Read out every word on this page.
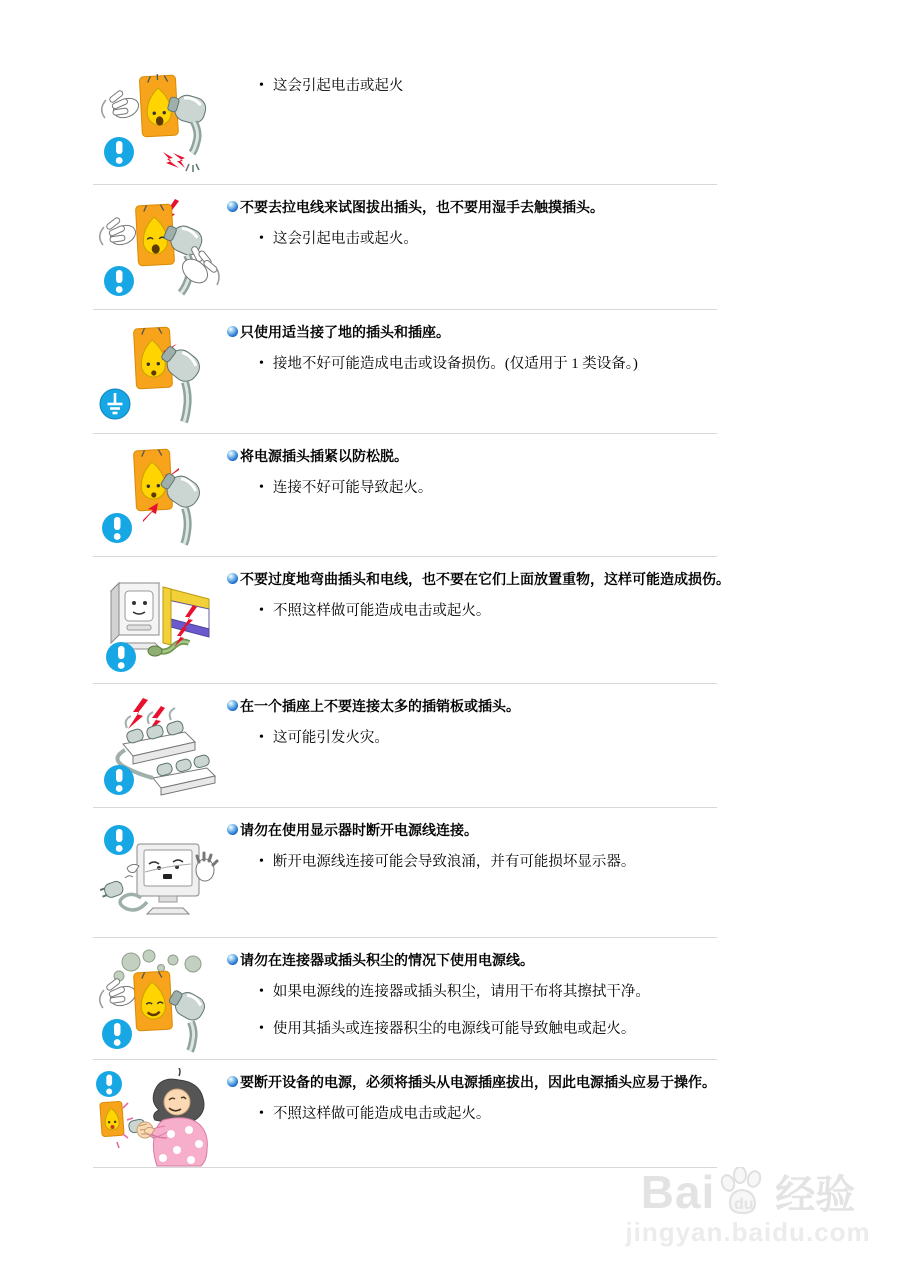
• 这会引起电击或起火
不要去拉电线来试图拔出插头，也不要用湿手去触摸插头。
• 这会引起电击或起火。
只使用适当接了地的插头和插座。
• 接地不好可能造成电击或设备损伤。(仅适用于 1 类设备。)
将电源插头插紧以防松脱。
• 连接不好可能导致起火。
不要过度地弯曲插头和电线，也不要在它们上面放置重物，这样可能造成损伤。
• 不照这样做可能造成电击或起火。
在一个插座上不要连接太多的插销板或插头。
• 这可能引发火灾。
请勿在使用显示器时断开电源线连接。
• 断开电源线连接可能会导致浪涌，并有可能损坏显示器。
请勿在连接器或插头积尘的情况下使用电源线。
• 如果电源线的连接器或插头积尘，请用干布将其擦拭干净。
• 使用其插头或连接器积尘的电源线可能导致触电或起火。
要断开设备的电源，必须将插头从电源插座拔出，因此电源插头应易于操作。
• 不照这样做可能造成电击或起火。
Bai du 经验
jingyan.baidu.com
